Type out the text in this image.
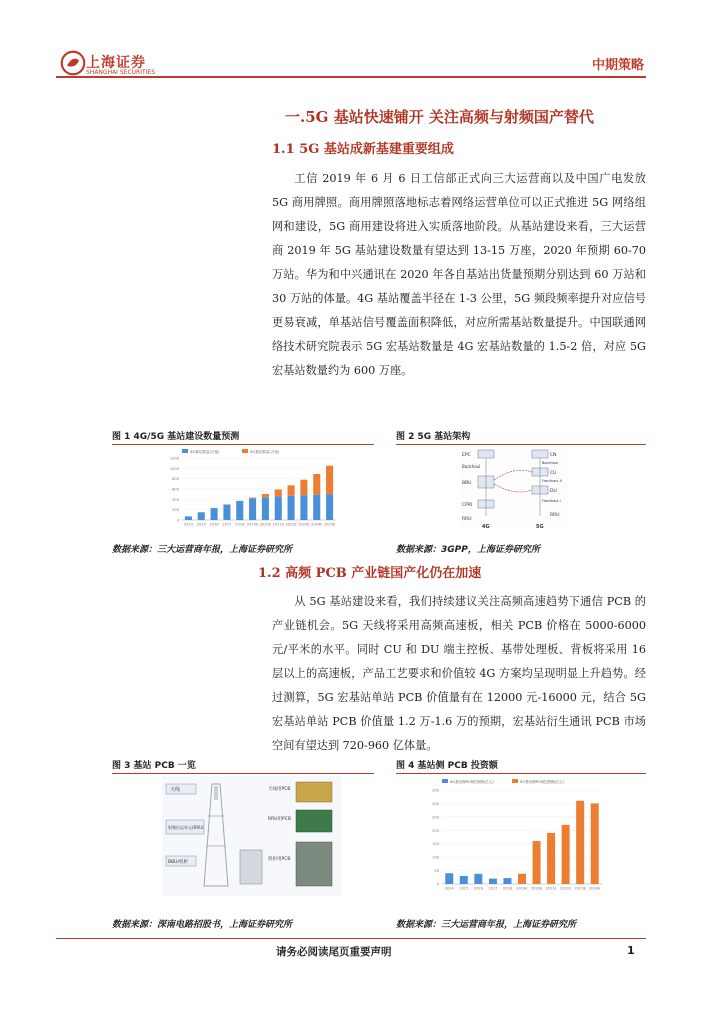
上海证券
SHANGHAI SECURITIES	中期策略
一.5G 基站快速铺开 关注高频与射频国产替代
1.1 5G 基站成新基建重要组成
工信 2019 年 6 月 6 日工信部正式向三大运营商以及中国广电发放 5G 商用牌照。商用牌照落地标志着网络运营单位可以正式推进 5G 网络组网和建设，5G 商用建设将进入实质落地阶段。从基站建设来看，三大运营商 2019 年 5G 基站建设数量有望达到 13-15 万座，2020 年预期 60-70 万站。华为和中兴通讯在 2020 年各自基站出货量预期分别达到 60 万站和 30 万站的体量。4G 基站覆盖半径在 1-3 公里，5G 频段频率提升对应信号更易衰减，单基站信号覆盖面积降低，对应所需基站数量提升。中国联通网络技术研究院表示 5G 宏基站数量是 4G 宏基站数量的 1.5-2 倍，对应 5G 宏基站数量约为 600 万座。
图 1 4G/5G 基站建设数量预测	图 2 5G 基站架构
4G基站数量(万座)	5G基站数量(万座)
0
200
400
600
800
1000
1200
2014 2015 2016 2017 2018 2019E 2020E 2021E 2022E 2023E 2024E 2025E
EPC
Backhaul
BBU
CPRI
RRU
CN
Backhaul
CU
Fronthaul-II
DU
Fronthaul-I
RRU
4G	5G
数据来源：三大运营商年报，上海证券研究所	数据来源：3GPP，上海证券研究所
1.2 高频 PCB 产业链国产化仍在加速
从 5G 基站建设来看，我们持续建议关注高频高速趋势下通信 PCB 的产业链机会。5G 天线将采用高频高速板，相关 PCB 价格在 5000-6000 元/平米的水平。同时 CU 和 DU 端主控板、基带处理板、背板将采用 16 层以上的高速板，产品工艺要求和价值较 4G 方案均呈现明显上升趋势。经过测算，5G 宏基站单站 PCB 价值量有在 12000 元-16000 元，结合 5G 宏基站单站 PCB 价值量 1.2 万-1.6 万的预期，宏基站衍生通讯 PCB 市场空间有望达到 720-960 亿体量。
图 3 基站 PCB 一览	图 4 基站侧 PCB 投资额
天线
射频拉远单元(RRU)
BBU/机柜
天线用PCB
RRU用PCB
机柜用PCB
4G基站侧PCB投资额(亿元)	5G基站侧PCB投资额(亿元)
0
50
100
150
200
250
300
350
2014 2015 2016 2017 2018 2019E 2020E 2021E 2022E 2023E 2024E
数据来源：深南电路招股书，上海证券研究所	数据来源：三大运营商年报，上海证券研究所
请务必阅读尾页重要声明	1
